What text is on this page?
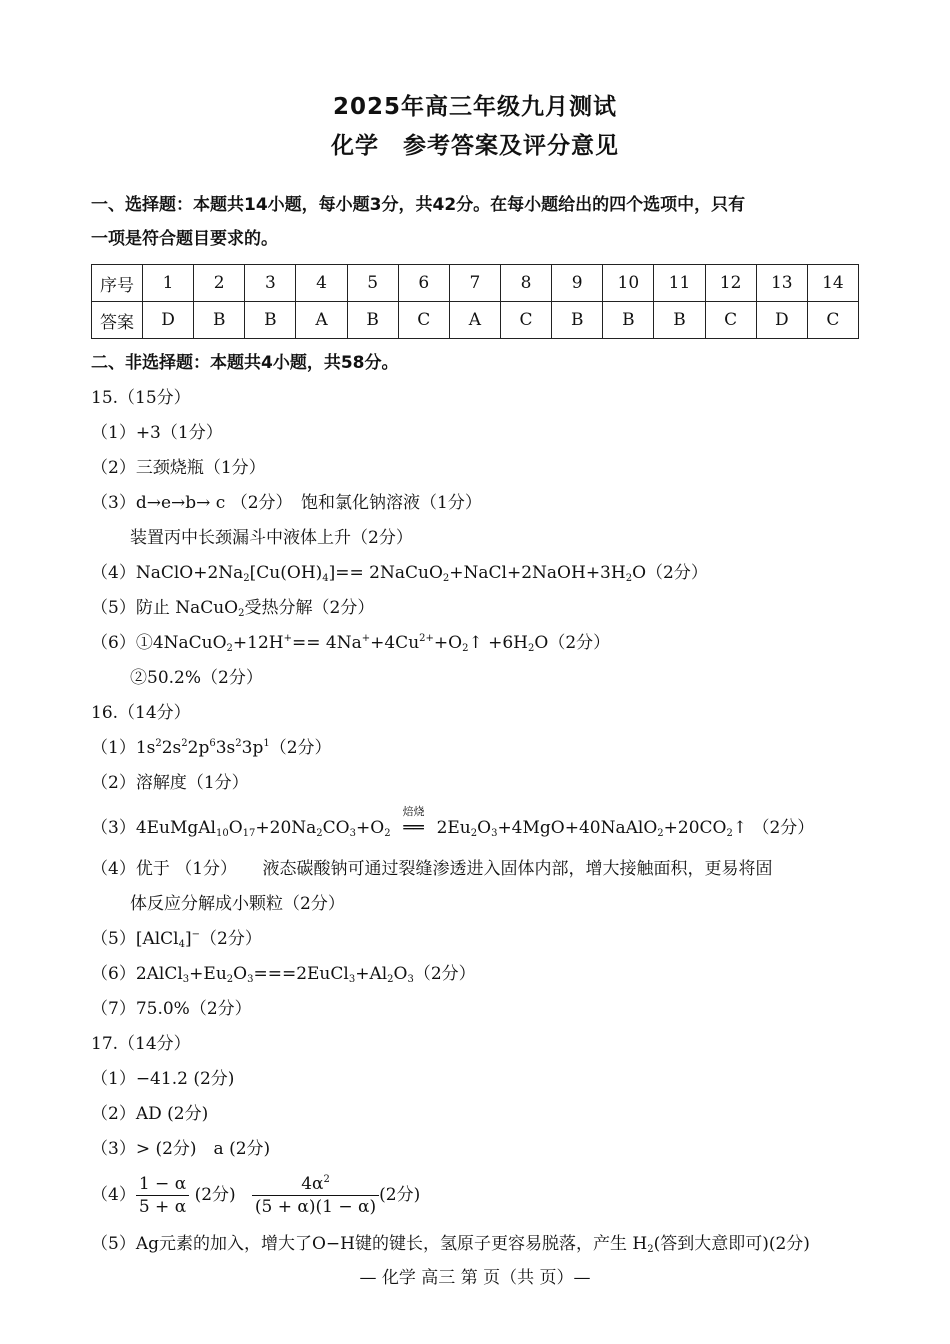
2025年高三年级九月测试
化学　参考答案及评分意见
一、选择题：本题共14小题，每小题3分，共42分。在每小题给出的四个选项中，只有
一项是符合题目要求的。
序号	1	2	3	4	5	6	7	8	9	10	11	12	13	14
答案	D	B	B	A	B	C	A	C	B	B	B	C	D	C
二、非选择题：本题共4小题，共58分。
15.（15分）
（1）+3（1分）
（2）三颈烧瓶（1分）
（3）d→e→b→ c （2分）　饱和氯化钠溶液（1分）
装置丙中长颈漏斗中液体上升（2分）
$(4)NaClO+2Na_2[Cu(OH)_4]==$ $2NaCuO_2+NaCl+2NaOH+3H_2O(2$分）
（5）防止 NaCuO$_2$受热分解（2分）
（6）①4NaCuO$_2$+12H+== $4Na^++4Cu^{2+}+O_2↑ +6H_2O(2$分）
②50.2%（2分）
16.（14分）
$(1)1s^22s^22p^63s^23p^1(2$分）
（2）溶解度（1分）
$(3)4EuMgAl_{10}O_{17}+20Na_2CO_3+O_2$
焙烧
══ $2Eu_2O_3+4MgO+40NaAlO_2+20CO_2↑$ （2分）
（4）优于 （1分）　　液态碳酸钠可通过裂缝渗透进入固体内部，增大接触面积，更易将固
体反应分解成小颗粒（2分）
（5）[AlCl$_4$]−（2分）
$(6)2AlCl_3+Eu_2O_3===2EuCl_3+Al_2O_3(2$分）
（7）75.0%（2分）
17.（14分）
（1）−41.2 (2分)
（2）AD (2分)
（3）> (2分)　a (2分)
$(4) \frac{1 - \alpha}{5 + \alpha} (2$分) $\frac{4\alpha^2}{(5 + \alpha)(1 - \alpha)} (2$分)
（5）Ag元素的加入，增大了O−H键的键长，氢原子更容易脱落，产生 $H_2$(答到大意即可)(2分)
— 化学 高三 第 页（共 页）—
